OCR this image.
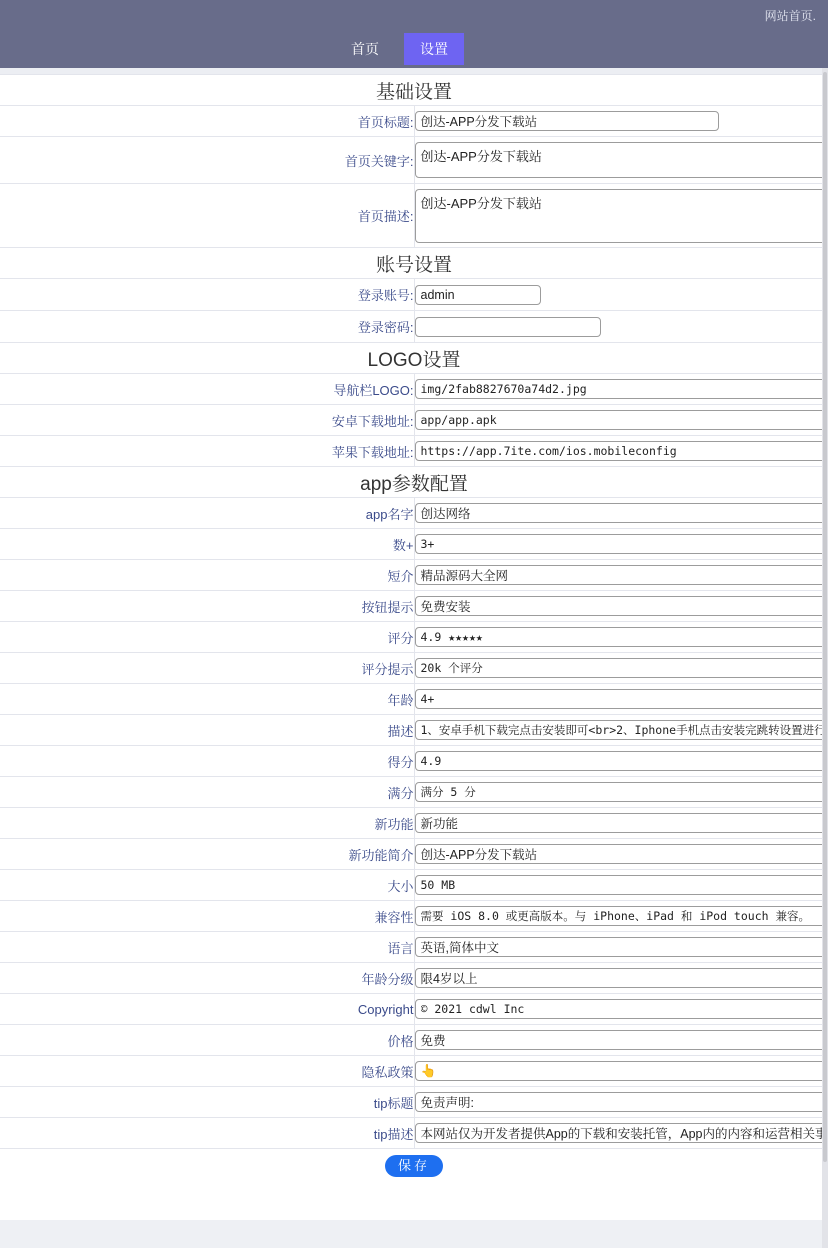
网站首页.
首页	设置
基础设置	
首页标题:	
创达-APP分发下载站
首页关键字:	
创达-APP分发下载站
首页描述:	
创达-APP分发下载站
账号设置	
登录账号:	
admin
登录密码:	

LOGO设置	
导航栏LOGO:	
img/2fab8827670a74d2.jpg
安卓下载地址:	
app/app.apk
苹果下载地址:	
https://app.7ite.com/ios.mobileconfig
app参数配置	
app名字	
创达网络
数+	
3+
短介	
精品源码大全网
按钮提示	
免费安装
评分	
4.9 ★★★★★
评分提示	
20k 个评分
年龄	
4+
描述	
1、安卓手机下载完点击安装即可<br>2、Iphone手机点击安装完跳转设置进行安装
得分	
4.9
满分	
满分 5 分
新功能	
新功能
新功能简介	
创达-APP分发下载站
大小	
50 MB
兼容性	
需要 iOS 8.0 或更高版本。与 iPhone、iPad 和 iPod touch 兼容。
语言	
英语,简体中文
年龄分级	
限4岁以上
Copyright	
© 2021 cdwl Inc
价格	
免费
隐私政策	
👆
tip标题	
免责声明:
tip描述	
本网站仅为开发者提供App的下载和安装托管，App内的内容和运营相关事项由App开发者负责，与本网
保存	
